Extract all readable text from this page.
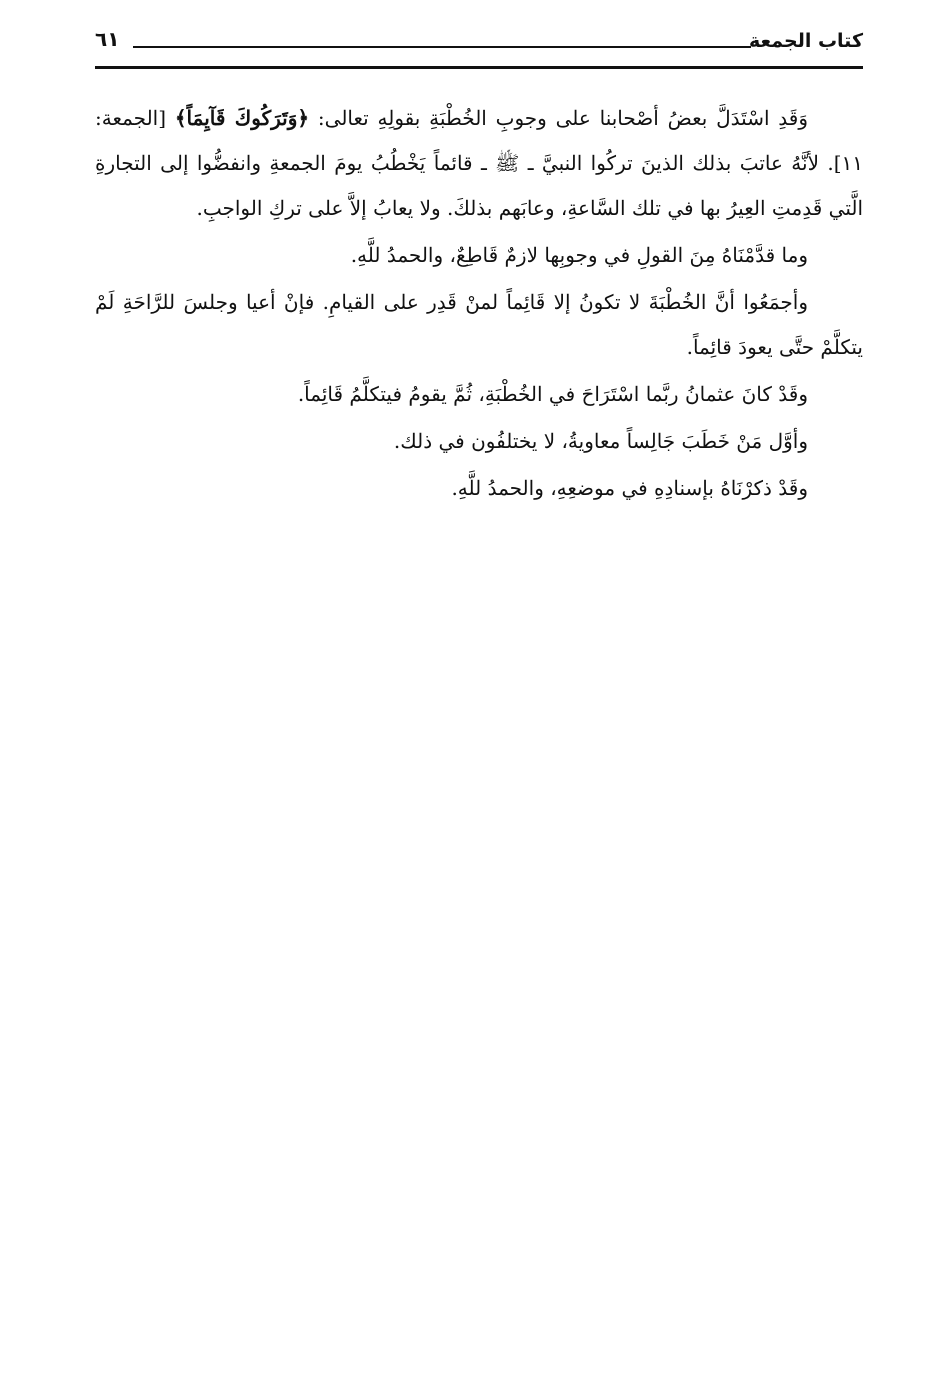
كتاب الجمعة
٦١

وَقَدِ اسْتَدَلَّ بعضُ أصْحابنا على وجوبِ الخُطْبَةِ بقولِهِ تعالى: ﴿وَتَرَكُوكَ قَآيِمَاً﴾ [الجمعة: ١١]. لأنَّهُ عاتبَ بذلك الذينَ تركُوا النبيَّ ـ ﷺ ـ قائماً يَخْطُبُ يومَ الجمعةِ وانفضُّوا إلى التجارةِ الَّتي قَدِمتِ العِيرُ بها في تلك السَّاعةِ، وعابَهم بذلكَ. ولا يعابُ إلاَّ على تركِ الواجبِ.

وما قدَّمْنَاهُ مِنَ القولِ في وجوبِها لازمٌ قَاطِعٌ، والحمدُ للَّهِ.

وأجمَعُوا أنَّ الخُطْبَةَ لا تكونُ إلا قَائِماً لمنْ قَدِر على القيامِ. فإنْ أعيا وجلسَ للرَّاحَةِ لَمْ يتكلَّمْ حتَّى يعودَ قائِماً.

وقَدْ كانَ عثمانُ ربَّما اسْتَرَاحَ في الخُطْبَةِ، ثُمَّ يقومُ فيتكلَّمُ قَائِماً.

وأوَّل مَنْ خَطَبَ جَالِساً معاويةُ، لا يختلفُون في ذلك.

وقَدْ ذكرْنَاهُ بإسنادِهِ في موضعِهِ، والحمدُ للَّهِ.
